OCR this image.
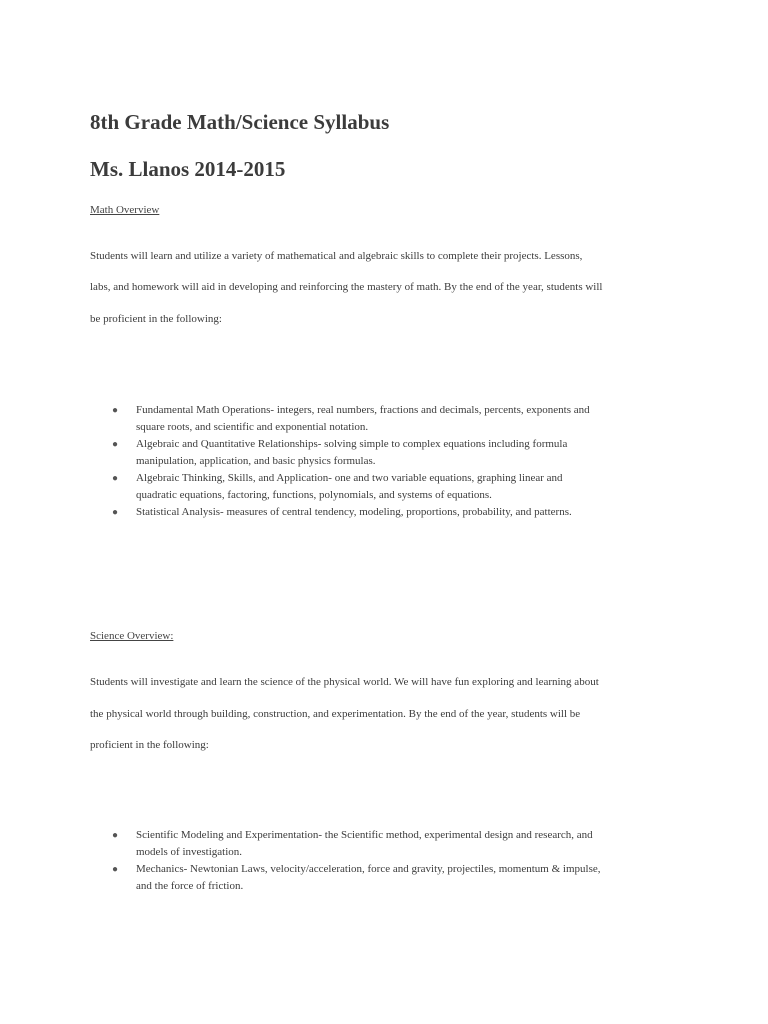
8th Grade Math/Science Syllabus
Ms. Llanos 2014-2015

Math Overview

Students will learn and utilize a variety of mathematical and algebraic skills to complete their projects. Lessons,

labs, and homework will aid in developing and reinforcing the mastery of math. By the end of the year, students will

be proficient in the following:

● Fundamental Math Operations- integers, real numbers, fractions and decimals, percents, exponents and
square roots, and scientific and exponential notation.
● Algebraic and Quantitative Relationships- solving simple to complex equations including formula
manipulation, application, and basic physics formulas.
● Algebraic Thinking, Skills, and Application- one and two variable equations, graphing linear and
quadratic equations, factoring, functions, polynomials, and systems of equations.
● Statistical Analysis- measures of central tendency, modeling, proportions, probability, and patterns.

Science Overview:

Students will investigate and learn the science of the physical world. We will have fun exploring and learning about

the physical world through building, construction, and experimentation. By the end of the year, students will be

proficient in the following:

● Scientific Modeling and Experimentation- the Scientific method, experimental design and research, and
models of investigation.
● Mechanics- Newtonian Laws, velocity/acceleration, force and gravity, projectiles, momentum & impulse,
and the force of friction.
